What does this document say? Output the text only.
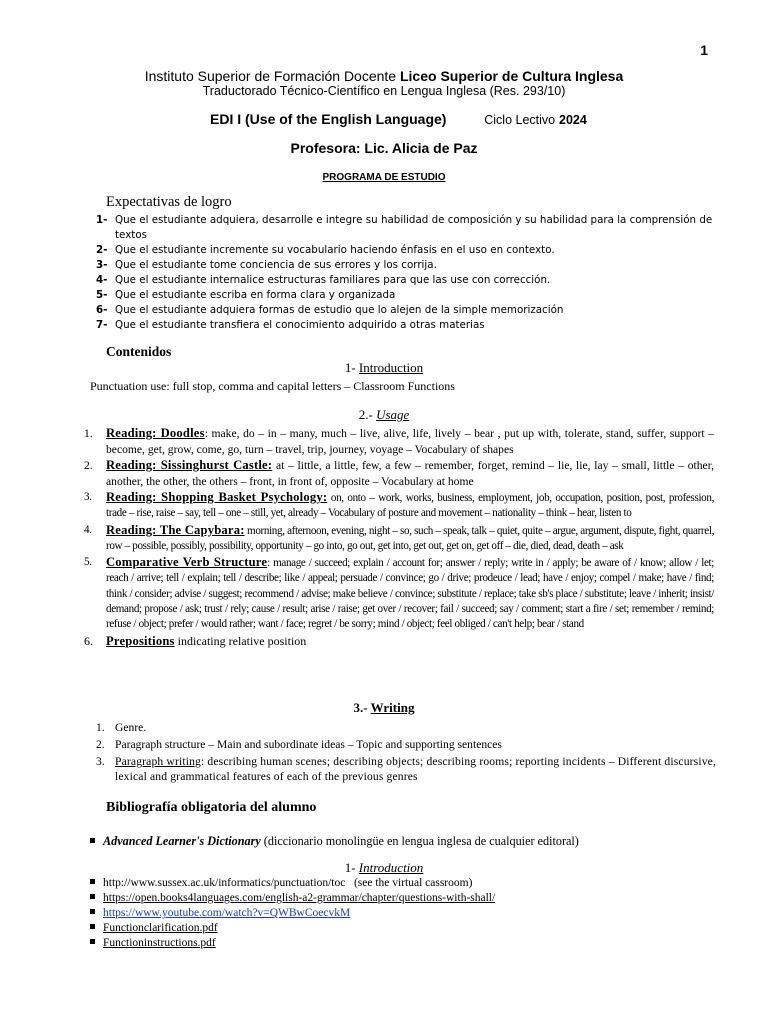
1
Instituto Superior de Formación Docente Liceo Superior de Cultura Inglesa
Traductorado Técnico-Científico en Lengua Inglesa (Res. 293/10)
EDI I (Use of the English Language)	Ciclo Lectivo 2024
Profesora: Lic. Alicia de Paz
PROGRAMA DE ESTUDIO
Expectativas de logro
1- Que el estudiante adquiera, desarrolle e integre su habilidad de composición y su habilidad para la comprensión de textos
2- Que el estudiante incremente su vocabulario haciendo énfasis en el uso en contexto.
3- Que el estudiante tome conciencia de sus errores y los corrija.
4- Que el estudiante internalice estructuras familiares para que las use con corrección.
5- Que el estudiante escriba en forma clara y organizada
6- Que el estudiante adquiera formas de estudio que lo alejen de la simple memorización
7- Que el estudiante transfiera el conocimiento adquirido a otras materias
Contenidos
1- Introduction
Punctuation use: full stop, comma and capital letters – Classroom Functions
2.- Usage
1. Reading: Doodles: make, do – in – many, much – live, alive, life, lively – bear , put up with, tolerate, stand, suffer, support – become, get, grow, come, go, turn – travel, trip, journey, voyage – Vocabulary of shapes
2. Reading: Sissinghurst Castle: at – little, a little, few, a few – remember, forget, remind – lie, lie, lay – small, little – other, another, the other, the others – front, in front of, opposite – Vocabulary at home
3. Reading: Shopping Basket Psychology: on, onto – work, works, business, employment, job, occupation, position, post, profession, trade – rise, raise – say, tell – one – still, yet, already – Vocabulary of posture and movement – nationality – think – hear, listen to
4. Reading: The Capybara: morning, afternoon, evening, night – so, such – speak, talk – quiet, quite – argue, argument, dispute, fight, quarrel, row – possible, possibly, possibility, opportunity – go into, go out, get into, get out, get on, get off – die, died, dead, death – ask
5. Comparative Verb Structure: manage / succeed; explain / account for; answer / reply; write in / apply; be aware of / know; allow / let; reach / arrive; tell / explain; tell / describe; like / appeal; persuade / convince; go / drive; prodeuce / lead; have / enjoy; compel / make; have / find; think / consider; advise / suggest; recommend / advise; make believe / convince; substitute / replace; take sb's place / substitute; leave / inherit; insist/ demand; propose / ask; trust / rely; cause / result; arise / raise; get over / recover; fail / succeed; say / comment; start a fire / set; remember / remind; refuse / object; prefer / would rather; want / face; regret / be sorry; mind / object; feel obliged / can't help; bear / stand
6. Prepositions indicating relative position
3.- Writing
1. Genre.
2. Paragraph structure – Main and subordinate ideas – Topic and supporting sentences
3. Paragraph writing: describing human scenes; describing objects; describing rooms; reporting incidents – Different discursive, lexical and grammatical features of each of the previous genres
Bibliografía obligatoria del alumno
Advanced Learner's Dictionary (diccionario monolingüe en lengua inglesa de cualquier editoral)
1- Introduction
http://www.sussex.ac.uk/informatics/punctuation/toc   (see the virtual cassroom)
https://open.books4languages.com/english-a2-grammar/chapter/questions-with-shall/
https://www.youtube.com/watch?v=QWBwCoecvkM
Functionclarification.pdf
Functioninstructions.pdf
